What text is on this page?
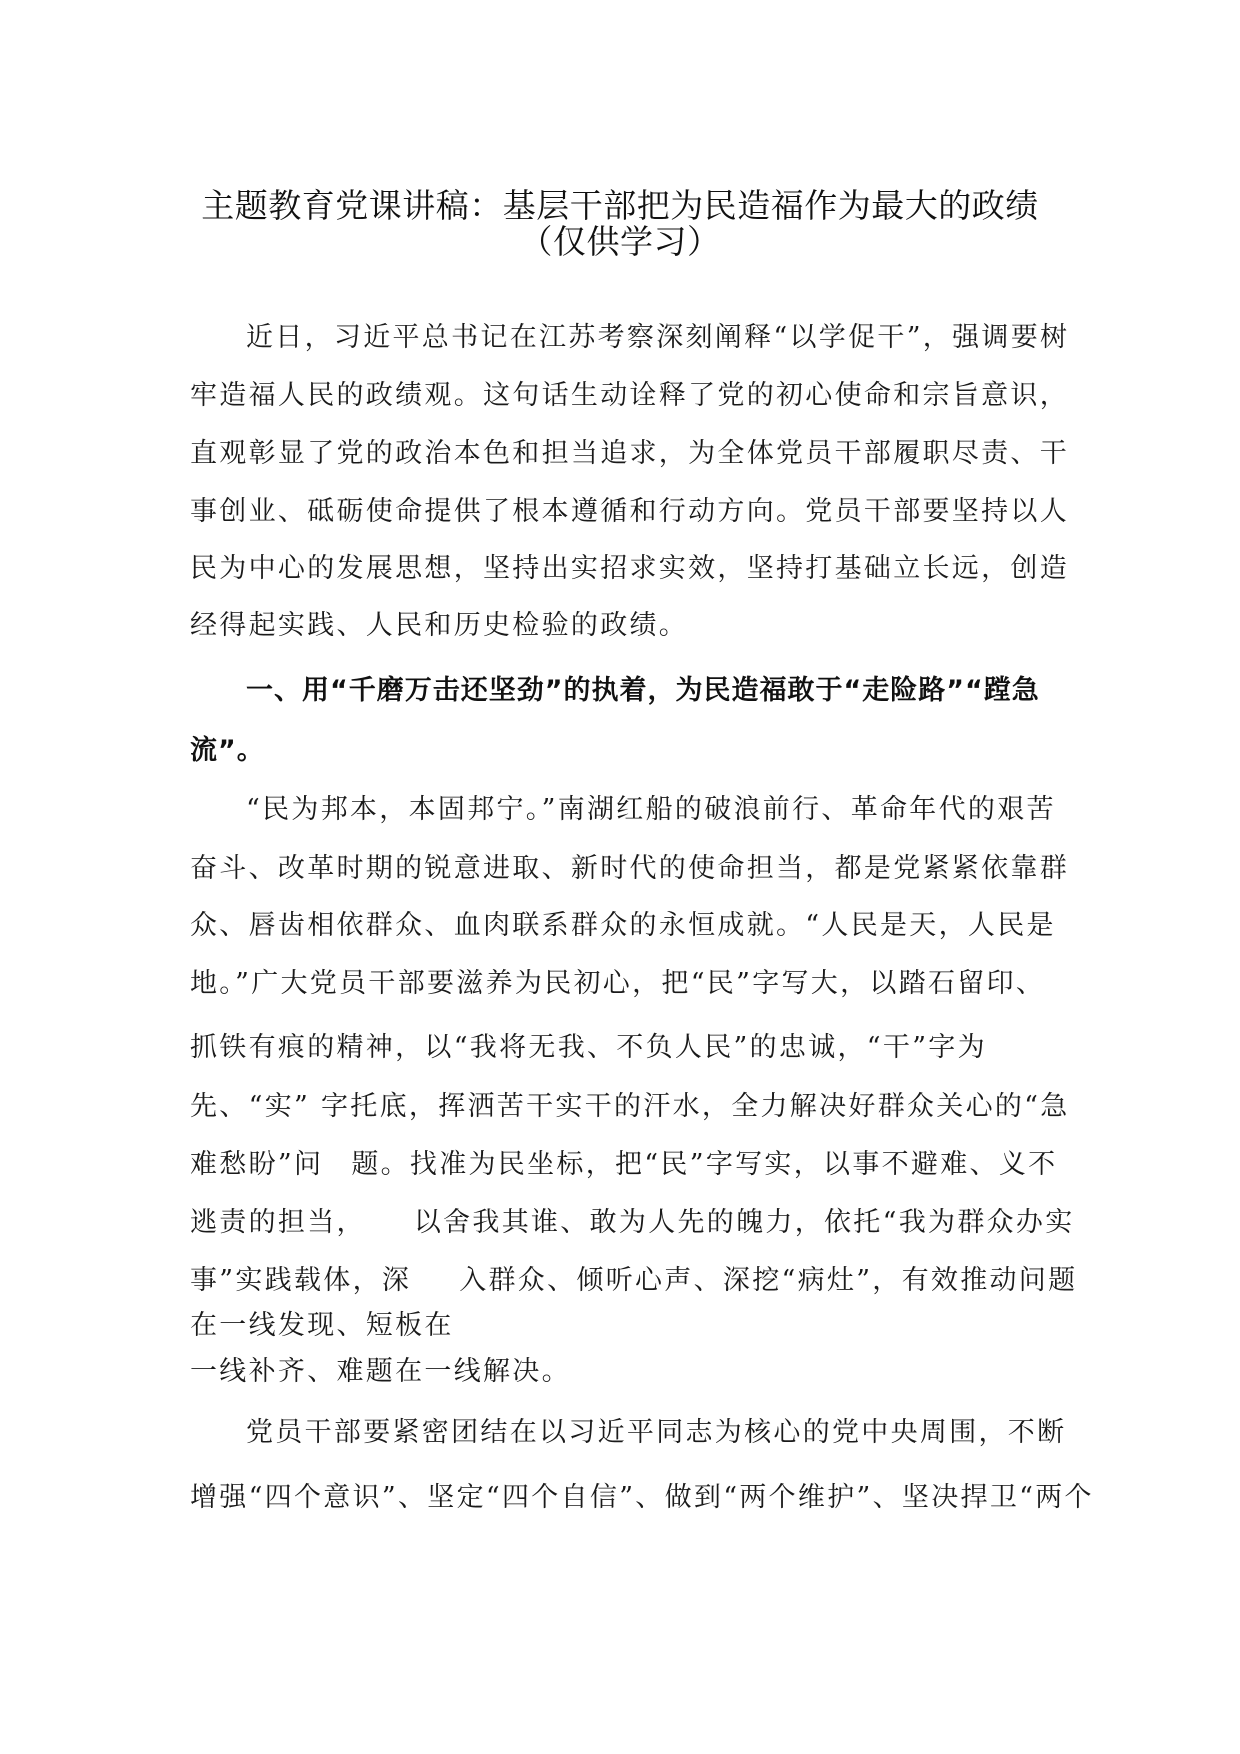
主题教育党课讲稿：基层干部把为民造福作为最大的政绩
（仅供学习）
近日，习近平总书记在江苏考察深刻阐释“以学促干”，强调要树
牢造福人民的政绩观。这句话生动诠释了党的初心使命和宗旨意识，
直观彰显了党的政治本色和担当追求，为全体党员干部履职尽责、干
事创业、砥砺使命提供了根本遵循和行动方向。党员干部要坚持以人
民为中心的发展思想，坚持出实招求实效，坚持打基础立长远，创造
经得起实践、人民和历史检验的政绩。
一、用“千磨万击还坚劲”的执着，为民造福敢于“走险路”“蹚急
流”。
“民为邦本，本固邦宁。”南湖红船的破浪前行、革命年代的艰苦
奋斗、改革时期的锐意进取、新时代的使命担当，都是党紧紧依靠群
众、唇齿相依群众、血肉联系群众的永恒成就。“人民是天，人民是
地。”广大党员干部要滋养为民初心，把“民”字写大，以踏石留印、
抓铁有痕的精神，以“我将无我、不负人民”的忠诚，“干”字为
先、“实” 字托底，挥洒苦干实干的汗水，全力解决好群众关心的“急
难愁盼”问 题。找准为民坐标，把“民”字写实，以事不避难、义不
逃责的担当， 以舍我其谁、敢为人先的魄力，依托“我为群众办实
事”实践载体，深 入群众、倾听心声、深挖“病灶”，有效推动问题
在一线发现、短板在
一线补齐、难题在一线解决。
党员干部要紧密团结在以习近平同志为核心的党中央周围，不断
增强“四个意识”、坚定“四个自信”、做到“两个维护”、坚决捍卫“两个
